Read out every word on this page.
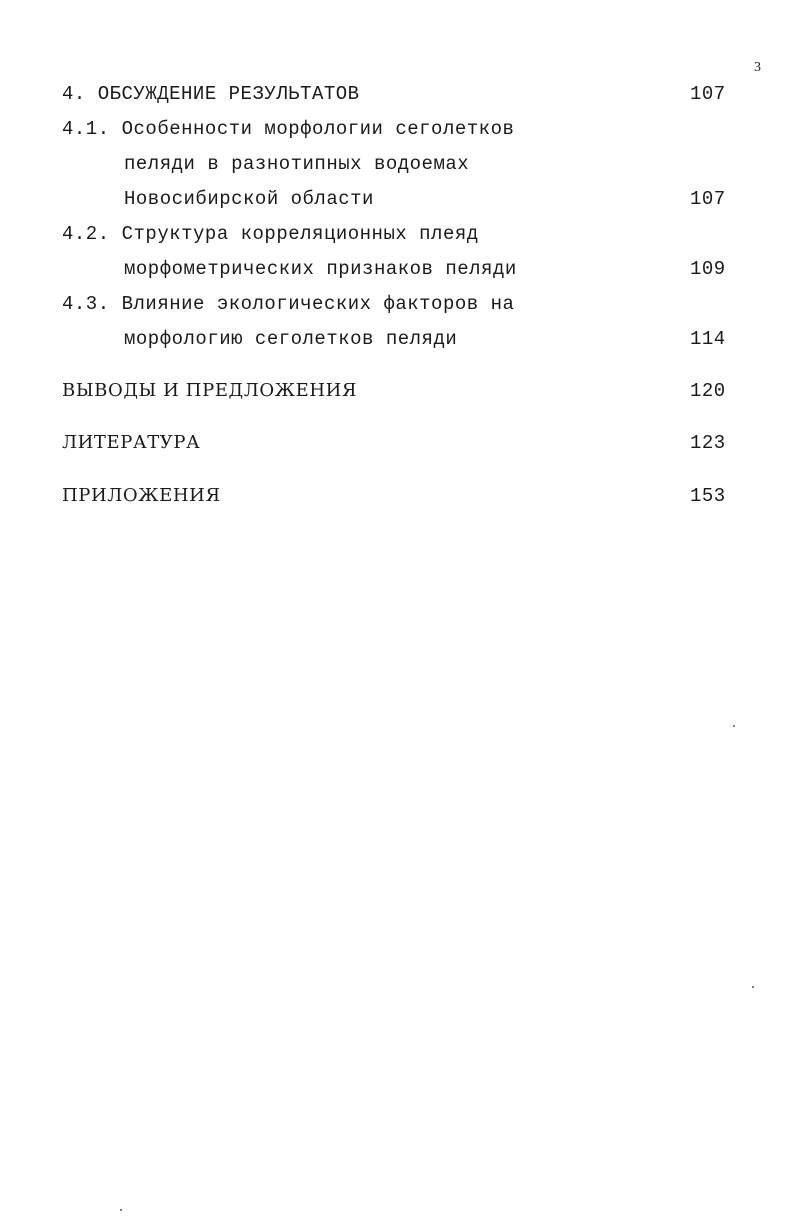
3
4. ОБСУЖДЕНИЕ РЕЗУЛЬТАТОВ	107
4.1. Особенности морфологии сеголетков
пеляди в разнотипных водоемах
Новосибирской области	107
4.2. Структура корреляционных плеяд
морфометрических признаков пеляди	109
4.3. Влияние экологических факторов на
морфологию сеголетков пеляди	114
ВЫВОДЫ И ПРЕДЛОЖЕНИЯ	120
ЛИТЕРАТУРА	123
ПРИЛОЖЕНИЯ	153
